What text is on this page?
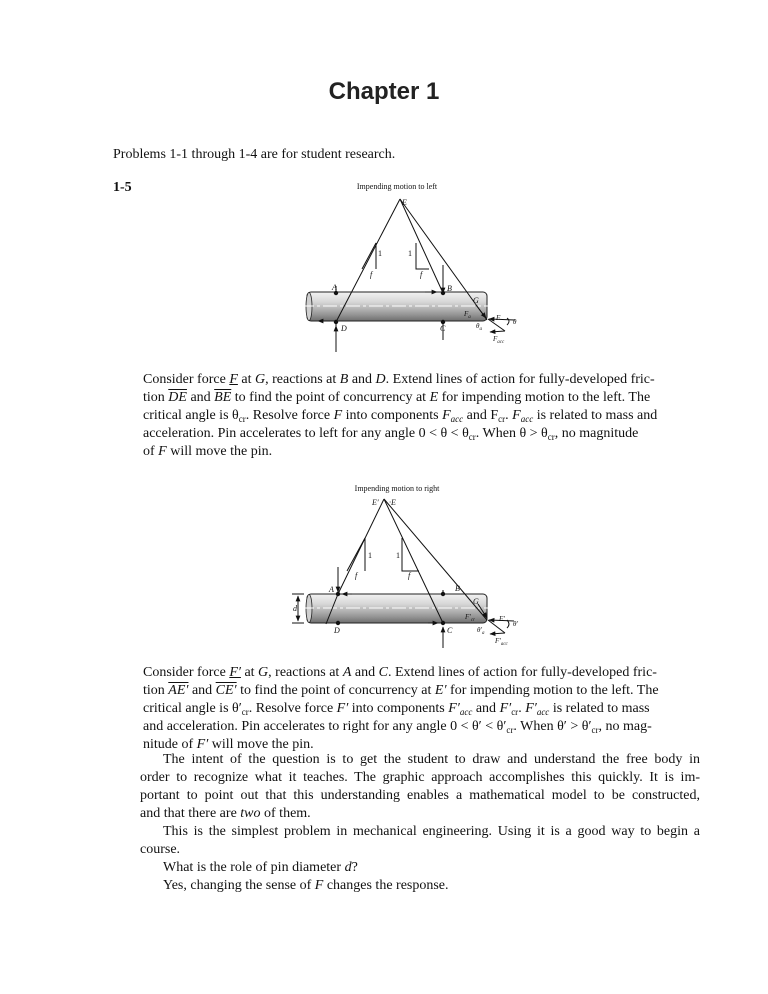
Chapter 1
Problems 1-1 through 1-4 are for student research.
1-5	Impending motion to left
E
1	1
f	f
A	B
G
D	C
$F_a$	F θ
$\theta_a$
$F_{acc}$

Consider force F at G, reactions at B and D. Extend lines of action for fully-developed fric-
tion $\overline{DE}$ and $\overline{BE}$ to find the point of concurrency at E for impending motion to the left. The
critical angle is $\theta_{cr}$. Resolve force F into components $F_{acc}$ and $F_{cr}$. $F_{acc}$ is related to mass and
acceleration. Pin accelerates to left for any angle $0 < \theta < \theta_{cr}$. When $\theta > \theta_{cr}$, no magnitude
of F will move the pin.

Impending motion to right
E′ ·E
1	1
f	f
A	B
G
d
D	C
$F'_{cr}$	F′
θ′
$\theta'_a$
$F'_{acc}$

Consider force F′ at G, reactions at A and C. Extend lines of action for fully-developed fric-
tion AE′ and CE′ to find the point of concurrency at E′ for impending motion to the left. The
critical angle is $\theta'_{cr}$. Resolve force F′ into components $F'_{acc}$ and $F'_{cr}$. $F'_{acc}$ is related to mass
and acceleration. Pin accelerates to right for any angle $0 < \theta' < \theta'_{cr}$. When $\theta' > \theta'_{cr}$, no mag-
nitude of F′ will move the pin.

The intent of the question is to get the student to draw and understand the free body in
order to recognize what it teaches. The graphic approach accomplishes this quickly. It is im-
portant to point out that this understanding enables a mathematical model to be constructed,
and that there are two of them.
This is the simplest problem in mechanical engineering. Using it is a good way to begin a
course.
What is the role of pin diameter d?
Yes, changing the sense of F changes the response.
